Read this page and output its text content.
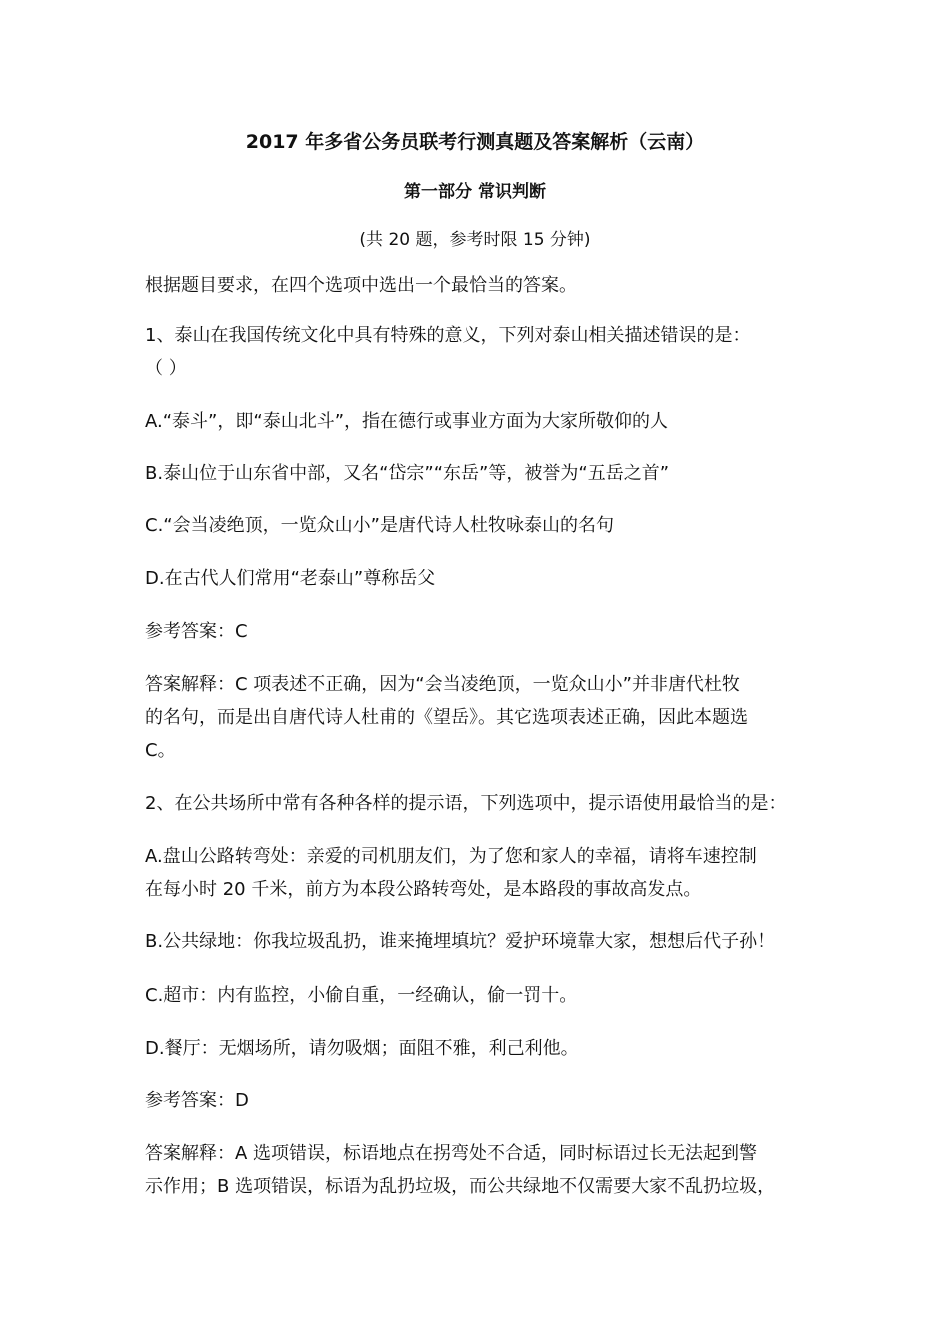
2017 年多省公务员联考行测真题及答案解析（云南）
第一部分 常识判断
(共 20 题，参考时限 15 分钟)
根据题目要求，在四个选项中选出一个最恰当的答案。
1、泰山在我国传统文化中具有特殊的意义，下列对泰山相关描述错误的是：
（ ）
A.“泰斗”，即“泰山北斗”，指在德行或事业方面为大家所敬仰的人
B.泰山位于山东省中部，又名“岱宗”“东岳”等，被誉为“五岳之首”
C.“会当凌绝顶，一览众山小”是唐代诗人杜牧咏泰山的名句
D.在古代人们常用“老泰山”尊称岳父
参考答案：C
答案解释：C 项表述不正确，因为“会当凌绝顶，一览众山小”并非唐代杜牧
的名句，而是出自唐代诗人杜甫的《望岳》。其它选项表述正确，因此本题选
C。
2、在公共场所中常有各种各样的提示语，下列选项中，提示语使用最恰当的是：
A.盘山公路转弯处：亲爱的司机朋友们，为了您和家人的幸福，请将车速控制
在每小时 20 千米，前方为本段公路转弯处，是本路段的事故高发点。
B.公共绿地：你我垃圾乱扔，谁来掩埋填坑？爱护环境靠大家，想想后代子孙！
C.超市：内有监控，小偷自重，一经确认，偷一罚十。
D.餐厅：无烟场所，请勿吸烟；面阻不雅，利己利他。
参考答案：D
答案解释：A 选项错误，标语地点在拐弯处不合适，同时标语过长无法起到警
示作用；B 选项错误，标语为乱扔垃圾，而公共绿地不仅需要大家不乱扔垃圾，
